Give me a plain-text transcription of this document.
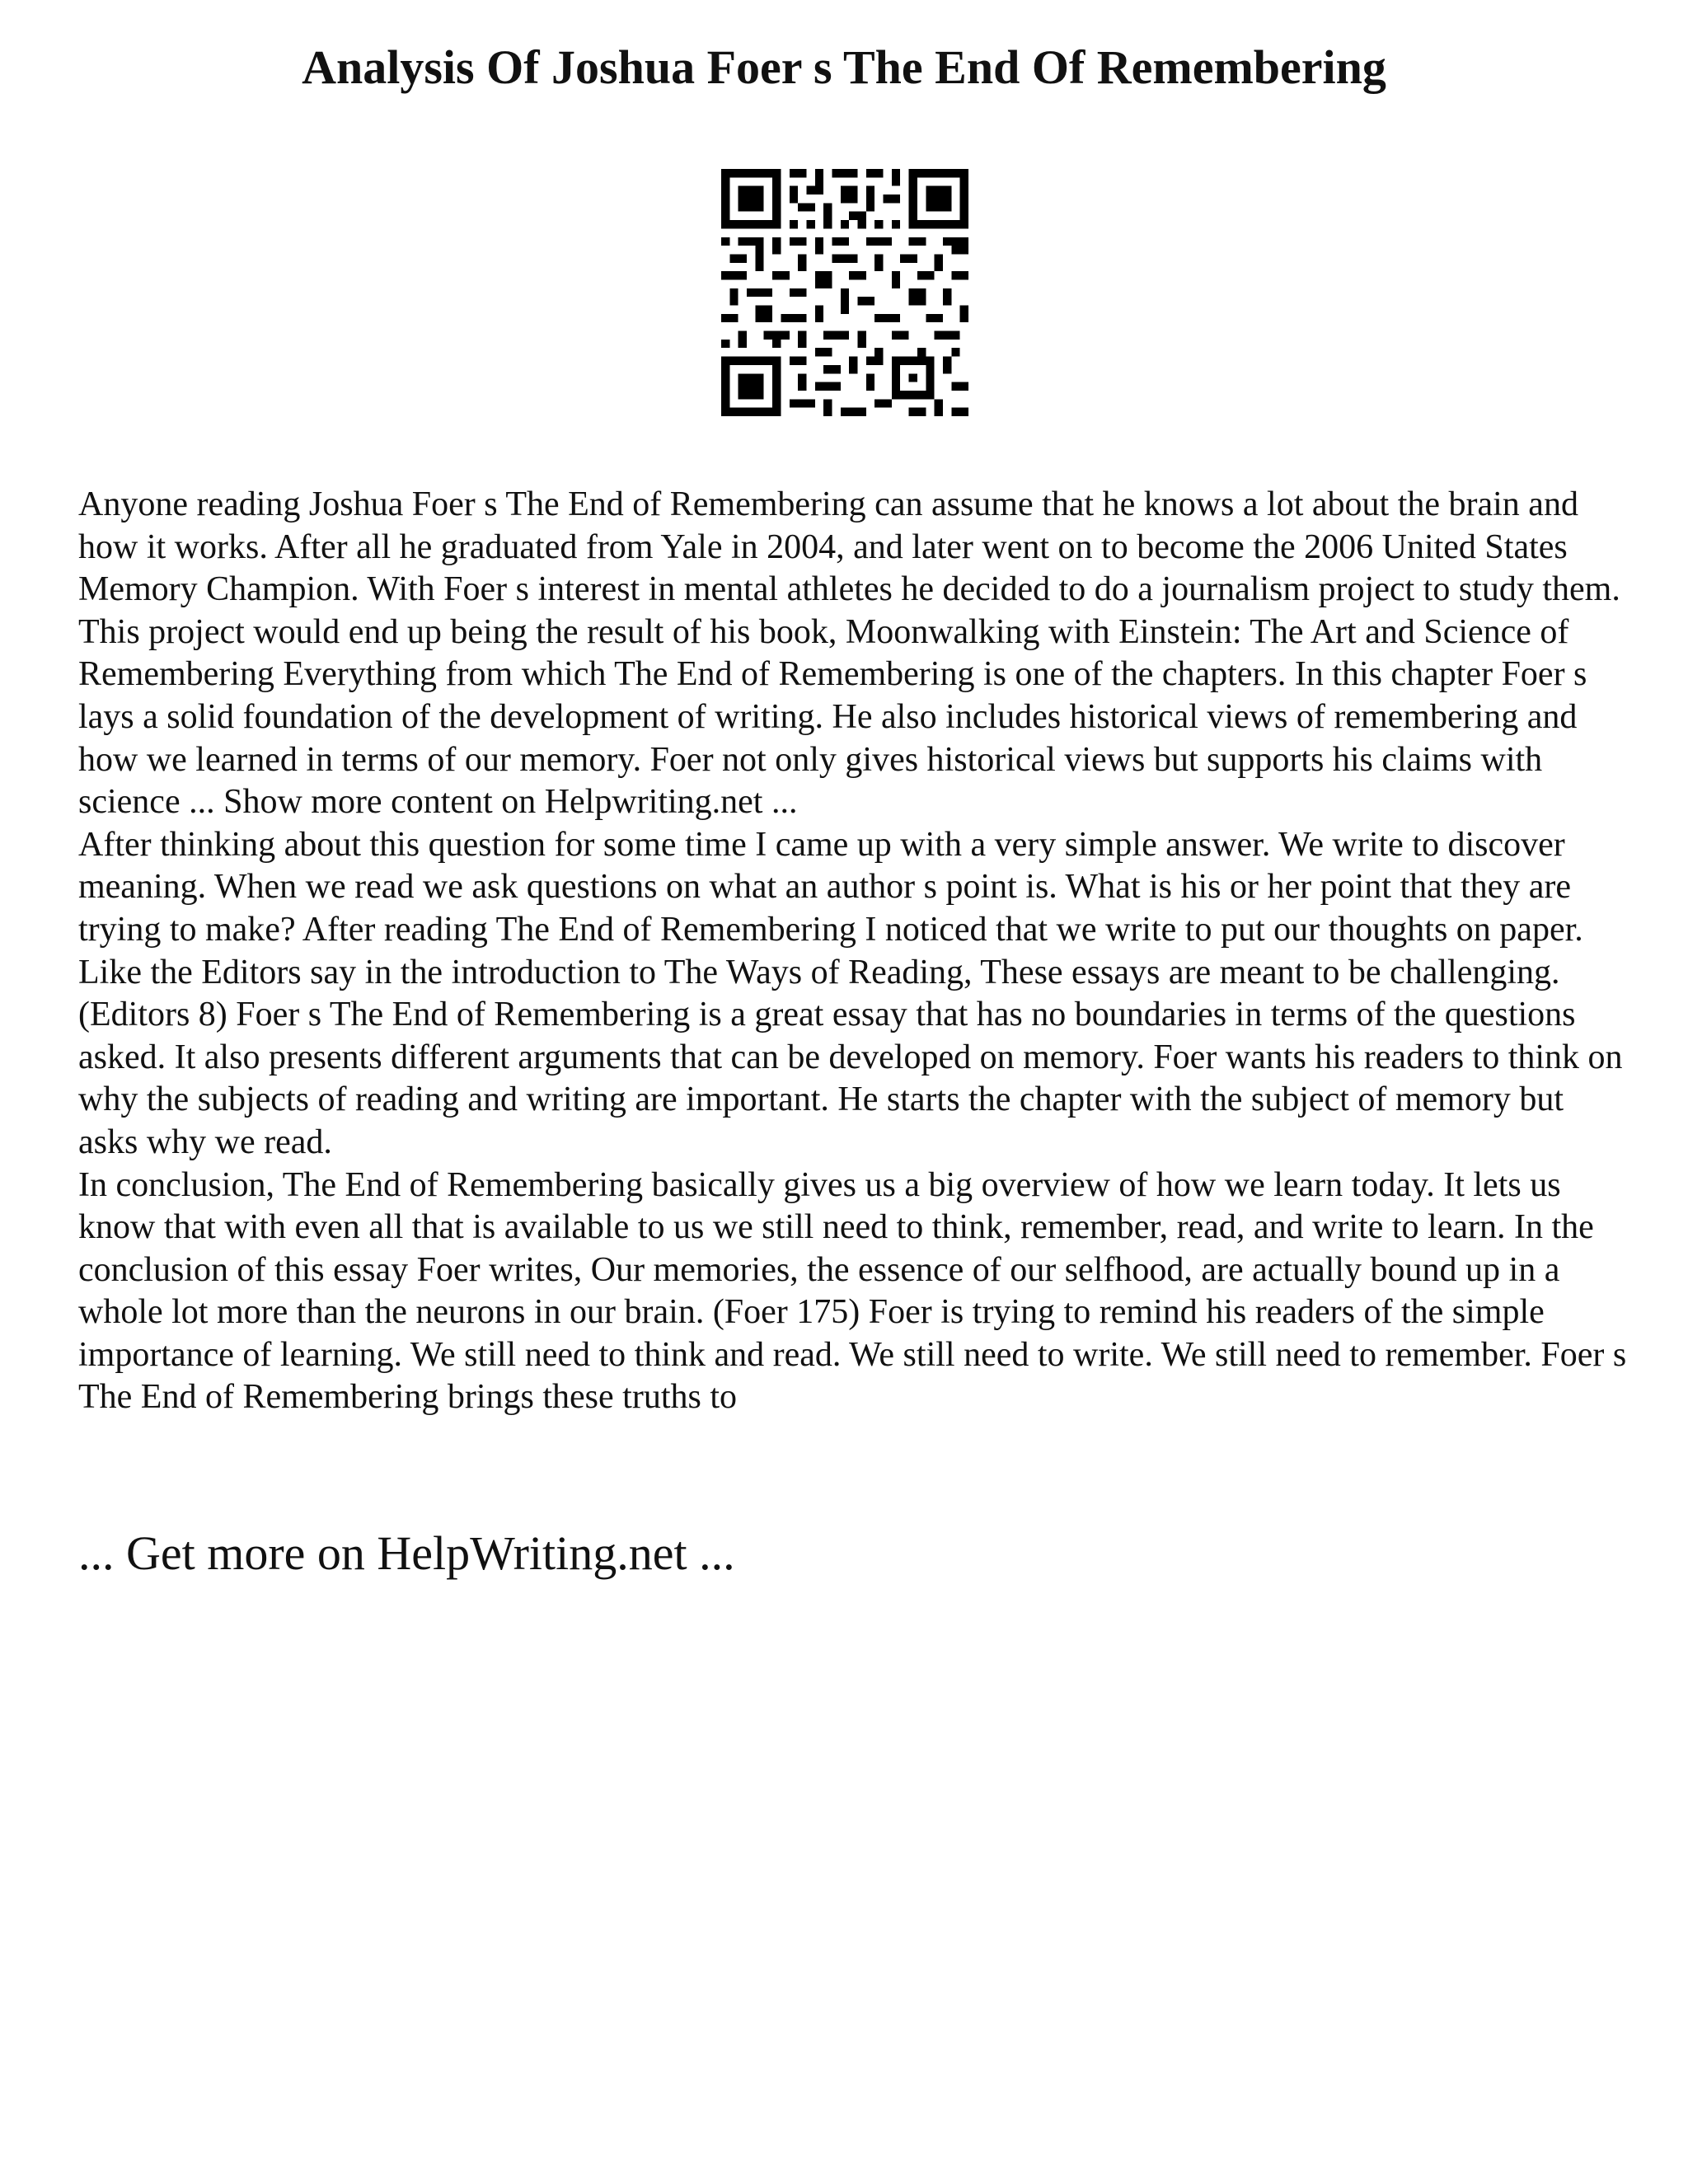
Analysis Of Joshua Foer s The End Of Remembering

Anyone reading Joshua Foer s The End of Remembering can assume that he knows a lot about the brain and how it works. After all he graduated from Yale in 2004, and later went on to become the 2006 United States Memory Champion. With Foer s interest in mental athletes he decided to do a journalism project to study them. This project would end up being the result of his book, Moonwalking with Einstein: The Art and Science of Remembering Everything from which The End of Remembering is one of the chapters. In this chapter Foer s lays a solid foundation of the development of writing. He also includes historical views of remembering and how we learned in terms of our memory. Foer not only gives historical views but supports his claims with science ... Show more content on Helpwriting.net ...

After thinking about this question for some time I came up with a very simple answer. We write to discover meaning. When we read we ask questions on what an author s point is. What is his or her point that they are trying to make? After reading The End of Remembering I noticed that we write to put our thoughts on paper. Like the Editors say in the introduction to The Ways of Reading, These essays are meant to be challenging. (Editors 8) Foer s The End of Remembering is a great essay that has no boundaries in terms of the questions asked. It also presents different arguments that can be developed on memory. Foer wants his readers to think on why the subjects of reading and writing are important. He starts the chapter with the subject of memory but asks why we read.

In conclusion, The End of Remembering basically gives us a big overview of how we learn today. It lets us know that with even all that is available to us we still need to think, remember, read, and write to learn. In the conclusion of this essay Foer writes, Our memories, the essence of our selfhood, are actually bound up in a whole lot more than the neurons in our brain. (Foer 175) Foer is trying to remind his readers of the simple importance of learning. We still need to think and read. We still need to write. We still need to remember. Foer s The End of Remembering brings these truths to

... Get more on HelpWriting.net ...
